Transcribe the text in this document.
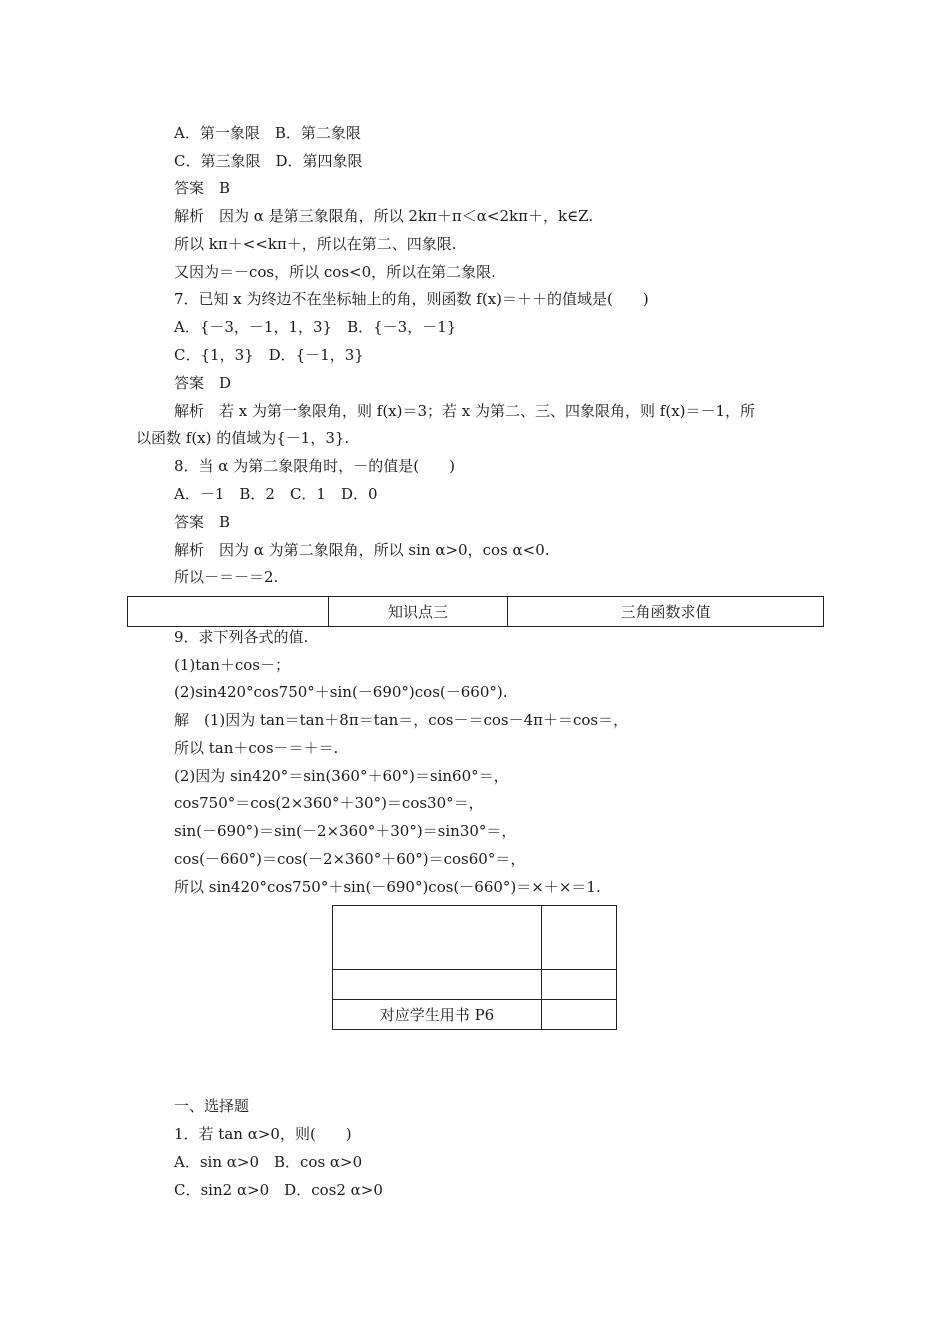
A．第一象限　B．第二象限
C．第三象限　D．第四象限
答案　B
解析　因为 α 是第三象限角，所以 2kπ＋π＜α<2kπ＋，k∈Z.
所以 kπ＋<<kπ＋，所以在第二、四象限.
又因为＝－cos，所以 cos<0，所以在第二象限.
7．已知 x 为终边不在坐标轴上的角，则函数 f(x)＝＋＋的值域是(　　)
A．{－3，－1，1，3}　B．{－3，－1}
C．{1，3}　D．{－1，3}
答案　D
解析　若 x 为第一象限角，则 f(x)＝3；若 x 为第二、三、四象限角，则 f(x)＝－1，所
以函数 f(x) 的值域为{－1，3}.
8．当 α 为第二象限角时，－的值是(　　)
A．－1　B．2　C．1　D．0
答案　B
解析　因为 α 为第二象限角，所以 sin α>0，cos α<0.
所以－＝－＝2.
	知识点三	三角函数求值
9．求下列各式的值.
(1)tan＋cos－；
(2)sin420°cos750°＋sin(－690°)cos(－660°).
解　(1)因为 tan＝tan＋8π＝tan＝，cos－＝cos－4π＋＝cos＝，
所以 tan＋cos－＝＋＝.
(2)因为 sin420°＝sin(360°＋60°)＝sin60°＝，
cos750°＝cos(2×360°＋30°)＝cos30°＝，
sin(－690°)＝sin(－2×360°＋30°)＝sin30°＝，
cos(－660°)＝cos(－2×360°＋60°)＝cos60°＝，
所以 sin420°cos750°＋sin(－690°)cos(－660°)＝×＋×＝1.

对应学生用书 P6	
一、选择题
1．若 tan α>0，则(　　)
A．sin α>0　B．cos α>0
C．sin2 α>0　D．cos2 α>0
